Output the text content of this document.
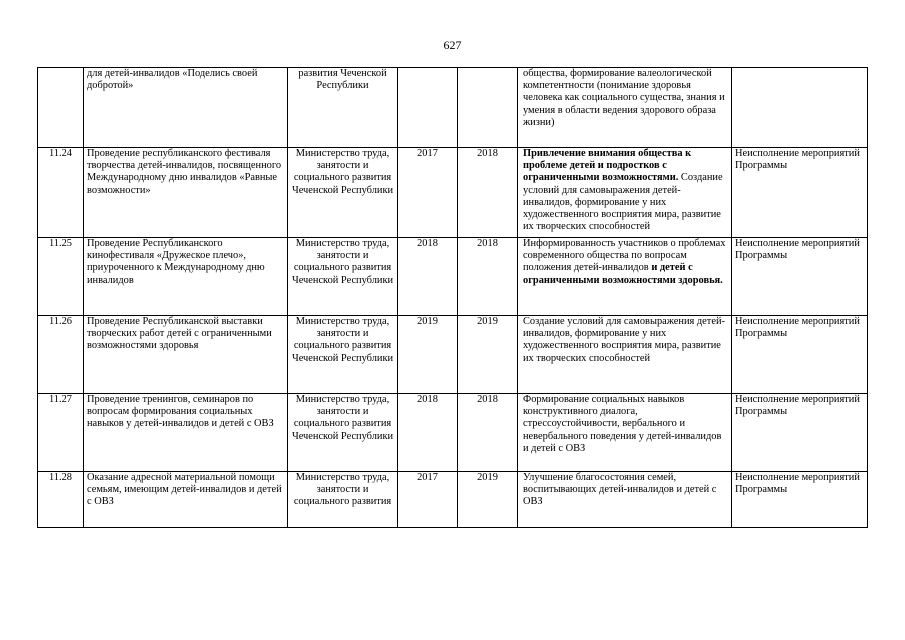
627
	для детей-инвалидов «Поделись своей добротой»	развития Чеченской Республики			общества, формирование валеологической компетентности (понимание здоровья человека как социального существа, знания и умения в области ведения здорового образа жизни)	
11.24	Проведение республиканского фестиваля творчества детей-инвалидов, посвященного Международному дню инвалидов «Равные возможности»	Министерство труда, занятости и социального развития Чеченской Республики	2017	2018	Привлечение внимания общества к проблеме детей и подростков с ограниченными возможностями. Создание условий для самовыражения детей-инвалидов, формирование у них художественного восприятия мира, развитие их творческих способностей	Неисполнение мероприятий Программы
11.25	Проведение Республиканского кинофестиваля «Дружеское плечо», приуроченного к Международному дню инвалидов	Министерство труда, занятости и социального развития Чеченской Республики	2018	2018	Информированность участников о проблемах современного общества по вопросам положения детей-инвалидов и детей с ограниченными возможностями здоровья.	Неисполнение мероприятий Программы
11.26	Проведение Республиканской выставки творческих работ детей с ограниченными возможностями здоровья	Министерство труда, занятости и социального развития Чеченской Республики	2019	2019	Создание условий для самовыражения детей-инвалидов, формирование у них художественного восприятия мира, развитие их творческих способностей	Неисполнение мероприятий Программы
11.27	Проведение тренингов, семинаров по вопросам формирования социальных навыков у детей-инвалидов и детей с ОВЗ	Министерство труда, занятости и социального развития Чеченской Республики	2018	2018	Формирование социальных навыков конструктивного диалога, стрессоустойчивости, вербального и невербального поведения у детей-инвалидов и детей с ОВЗ	Неисполнение мероприятий Программы
11.28	Оказание адресной материальной помощи семьям, имеющим детей-инвалидов и детей с ОВЗ	Министерство труда, занятости и социального развития	2017	2019	Улучшение благосостояния семей, воспитывающих детей-инвалидов и детей с ОВЗ	Неисполнение мероприятий Программы
